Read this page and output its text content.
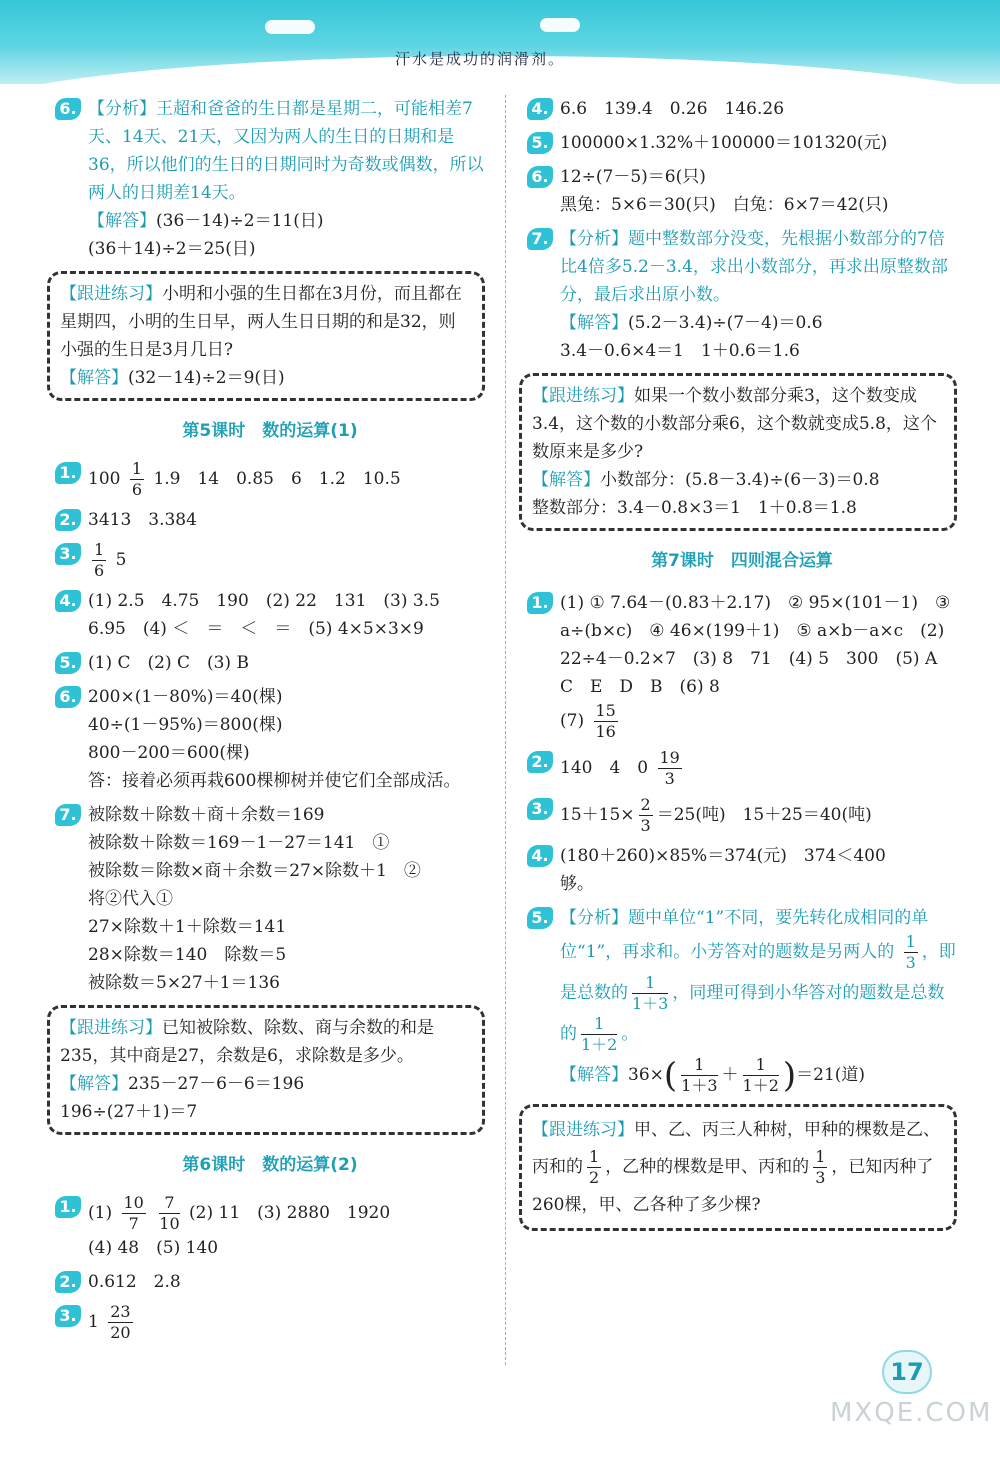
汗水是成功的润滑剂。
6. 【分析】王超和爸爸的生日都是星期二，可能相差7天、14天、21天，又因为两人的生日的日期和是36，所以他们的生日的日期同时为奇数或偶数，所以两人的日期差14天。
【解答】(36－14)÷2＝11(日)
(36＋14)÷2＝25(日)
【跟进练习】小明和小强的生日都在3月份，而且都在星期四，小明的生日早，两人生日日期的和是32，则小强的生日是3月几日?
【解答】(32－14)÷2＝9(日)
第5课时　数的运算(1)
1. $100 \frac{1}{6} 1.9$　14　0.85　6　1.2　10.5
2. 3413　3.384
3. $\frac{1}{6} 5$
4. (1) 2.5　4.75　190　(2) 22　131　(3) 3.5
6.95　(4) ＜　＝　＜　＝　(5) 4×5×3×9
5. (1) C　(2) C　(3) B
6. 200×(1－80%)＝40(棵)
40÷(1－95%)＝800(棵)
800－200＝600(棵)
答：接着必须再栽600棵柳树并使它们全部成活。
7. 被除数＋除数＋商＋余数＝169
被除数＋除数＝169－1－27＝141　①
被除数＝除数×商＋余数＝27×除数＋1　②
将②代入①
27×除数＋1＋除数＝141
28×除数＝140　除数＝5
被除数＝5×27＋1＝136
【跟进练习】已知被除数、除数、商与余数的和是235，其中商是27，余数是6，求除数是多少。
【解答】235－27－6－6＝196
196÷(27＋1)＝7
第6课时　数的运算(2)
1. $(1) \frac{10}{7}$
$\frac{7}{10} (2)$ 11　(3) 2880　1920
(4) 48　(5) 140
2. 0.612　2.8
3. $1 \frac{23}{20}$
4. 6.6　139.4　0.26　146.26
5. 100000×1.32%＋100000＝101320(元)
6. 12÷(7－5)＝6(只)
黑兔：5×6＝30(只)　白兔：6×7＝42(只)
7. 【分析】题中整数部分没变，先根据小数部分的7倍比4倍多5.2－3.4，求出小数部分，再求出原整数部分，最后求出原小数。
【解答】(5.2－3.4)÷(7－4)＝0.6
3.4－0.6×4＝1　1＋0.6＝1.6
【跟进练习】如果一个数小数部分乘3，这个数变成3.4，这个数的小数部分乘6，这个数就变成5.8，这个数原来是多少?
【解答】小数部分：(5.8－3.4)÷(6－3)＝0.8
整数部分：3.4－0.8×3＝1　1＋0.8＝1.8
第7课时　四则混合运算
1. (1) ① 7.64－(0.83＋2.17)　② 95×(101－1)　③ a÷(b×c)　④ 46×(199＋1)　⑤ a×b－a×c　(2) 22÷4－0.2×7　(3) 8　71　(4) 5　300　(5) A　C　E　D　B　(6) 8
$(7) \frac{15}{16}$
2. 140　4　$0 \frac{19}{3}$
3. $15+15\times \frac{2}{3} =25$(吨)　15＋25＝40(吨)
4. (180＋260)×85%＝374(元)　374＜400
够。
5. 【分析】题中单位“1”不同，要先转化成相同的单位“1”，再求和。小芳答对的题数是另两人的 $\frac{1}{3}$ ，即是总数的 $\frac{1}{1+3}$ ，同理可得到小华答对的题数是总数的 $\frac{1}{1+2}$ 。
【解答】$36\times( \frac{1}{1+3} + \frac{1}{1+2} )=21$(道)
【跟进练习】甲、乙、丙三人种树，甲种的棵数是乙、丙和的 $\frac{1}{2}$ ，乙种的棵数是甲、丙和的 $\frac{1}{3}$ ，已知丙种了260棵，甲、乙各种了多少棵?
17
MXQE.COM
